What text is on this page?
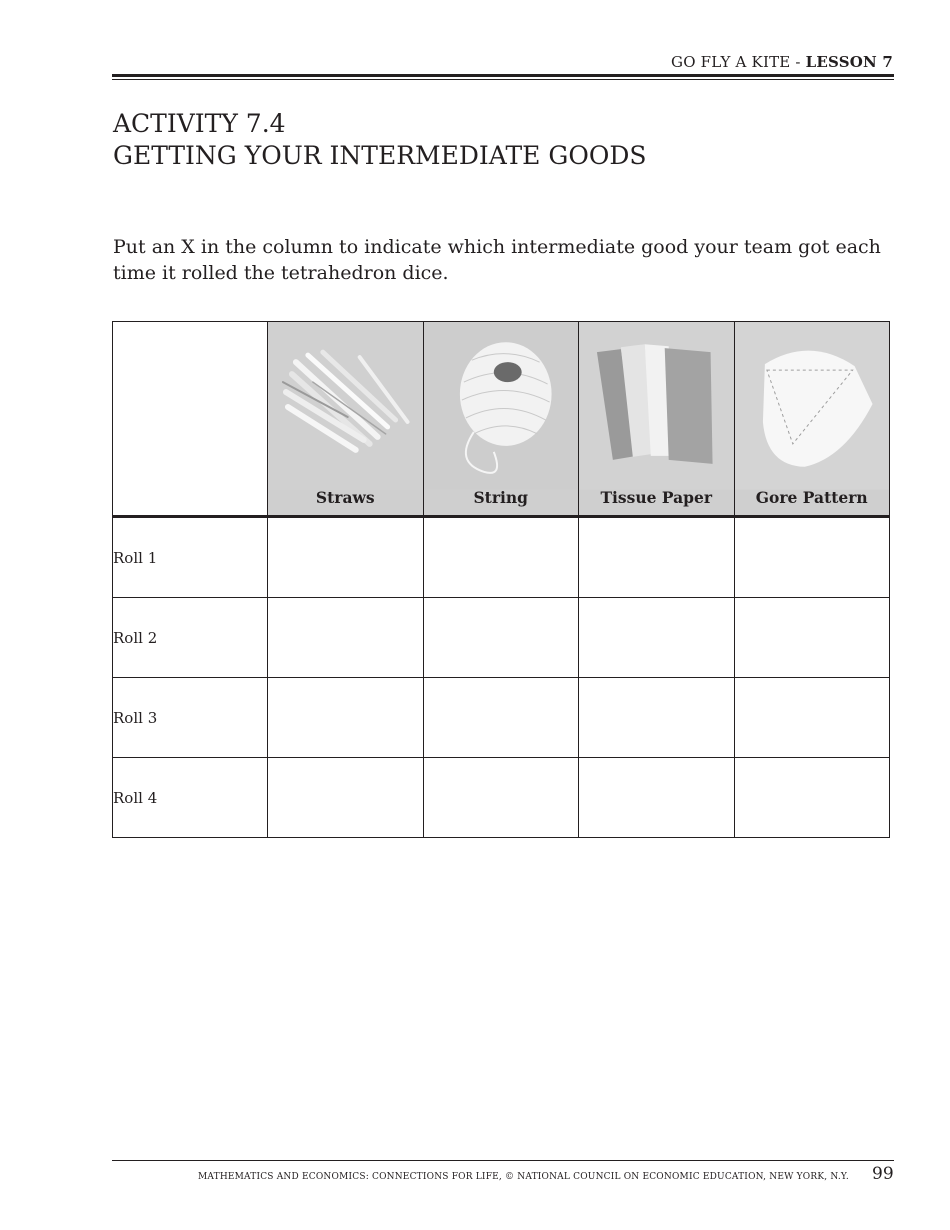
GO FLY A KITE - LESSON 7
ACTIVITY 7.4
GETTING YOUR INTERMEDIATE GOODS

Put an X in the column to indicate which intermediate good your team got each time it rolled the tetrahedron dice.

	Straws	String	Tissue Paper	Gore Pattern

Roll 1				
Roll 2				
Roll 3				
Roll 4				
MATHEMATICS AND ECONOMICS: CONNECTIONS FOR LIFE, © NATIONAL COUNCIL ON ECONOMIC EDUCATION, NEW YORK, N.Y. 99
